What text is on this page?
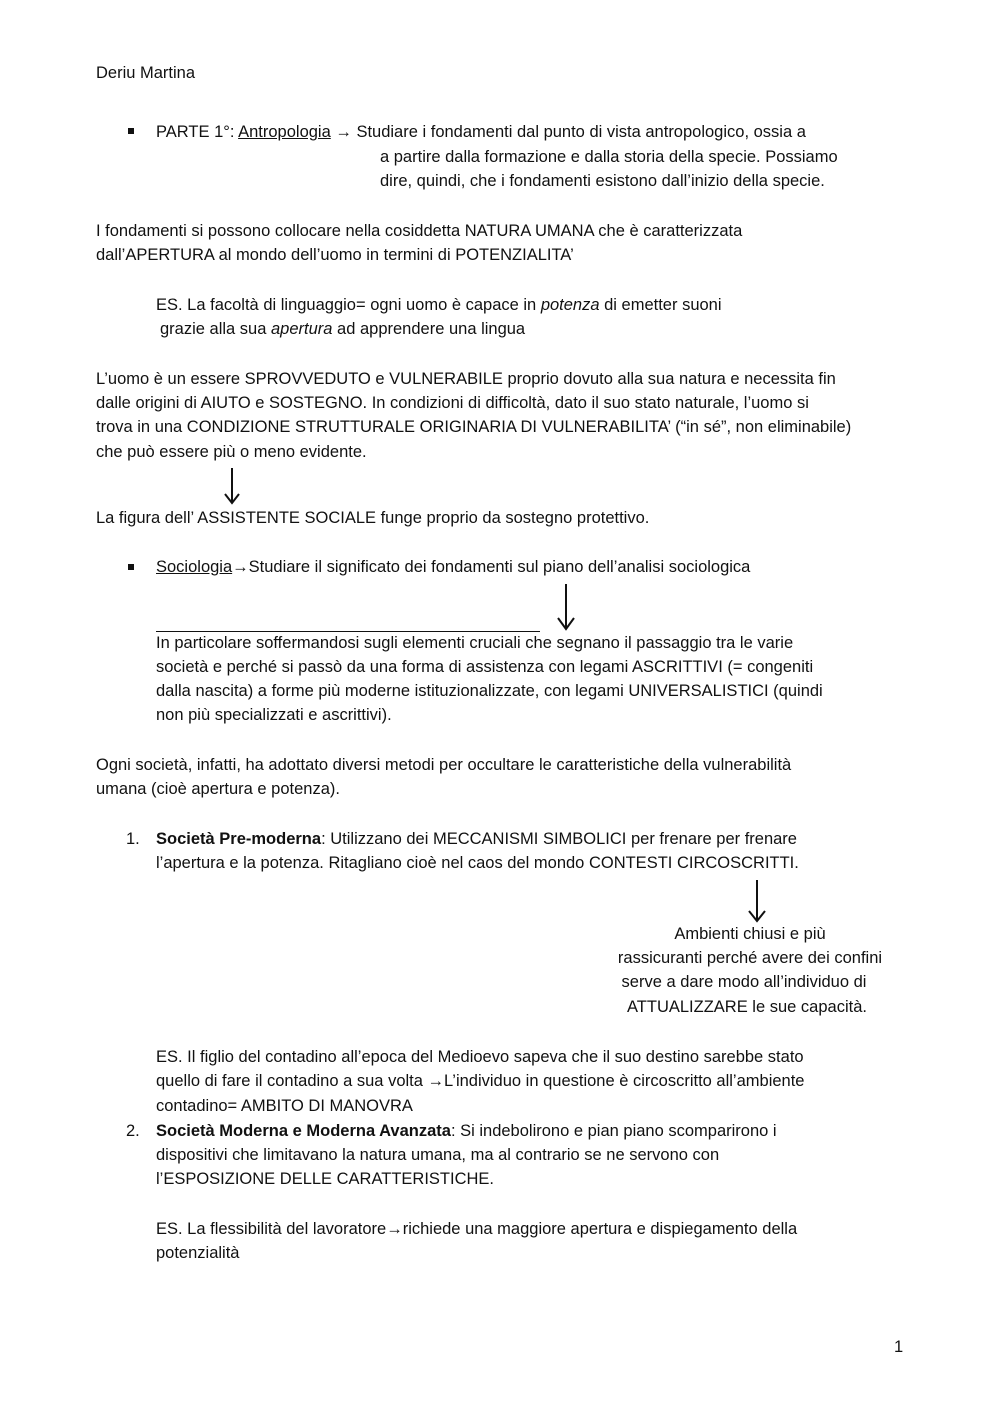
Deriu Martina
PARTE 1°: Antropologia → Studiare i fondamenti dal punto di vista antropologico, ossia a
a partire dalla formazione e dalla storia della specie. Possiamo
dire, quindi, che i fondamenti esistono dall’inizio della specie.
I fondamenti si possono collocare nella cosiddetta NATURA UMANA che è caratterizzata
dall’APERTURA al mondo dell’uomo in termini di POTENZIALITA’
ES. La facoltà di linguaggio= ogni uomo è capace in potenza di emetter suoni
grazie alla sua apertura ad apprendere una lingua
L’uomo è un essere SPROVVEDUTO e VULNERABILE proprio dovuto alla sua natura e necessita fin
dalle origini di AIUTO e SOSTEGNO. In condizioni di difficoltà, dato il suo stato naturale, l’uomo si
trova in una CONDIZIONE STRUTTURALE ORIGINARIA DI VULNERABILITA’ (“in sé”, non eliminabile)
che può essere più o meno evidente.
La figura dell’ ASSISTENTE SOCIALE funge proprio da sostegno protettivo.
Sociologia→Studiare il significato dei fondamenti sul piano dell’analisi sociologica
In particolare soffermandosi sugli elementi cruciali che segnano il passaggio tra le varie
società e perché si passò da una forma di assistenza con legami ASCRITTIVI (= congeniti
dalla nascita) a forme più moderne istituzionalizzate, con legami UNIVERSALISTICI (quindi
non più specializzati e ascrittivi).
Ogni società, infatti, ha adottato diversi metodi per occultare le caratteristiche della vulnerabilità
umana (cioè apertura e potenza).
1. Società Pre-moderna: Utilizzano dei MECCANISMI SIMBOLICI per frenare per frenare
l’apertura e la potenza. Ritagliano cioè nel caos del mondo CONTESTI CIRCOSCRITTI.
Ambienti chiusi e più
rassicuranti perché avere dei confini
serve a dare modo all’individuo di
ATTUALIZZARE le sue capacità.
ES. Il figlio del contadino all’epoca del Medioevo sapeva che il suo destino sarebbe stato
quello di fare il contadino a sua volta →L’individuo in questione è circoscritto all’ambiente
contadino= AMBITO DI MANOVRA
2. Società Moderna e Moderna Avanzata: Si indebolirono e pian piano scomparirono i
dispositivi che limitavano la natura umana, ma al contrario se ne servono con
l’ESPOSIZIONE DELLE CARATTERISTICHE.
ES. La flessibilità del lavoratore→richiede una maggiore apertura e dispiegamento della
potenzialità
1
